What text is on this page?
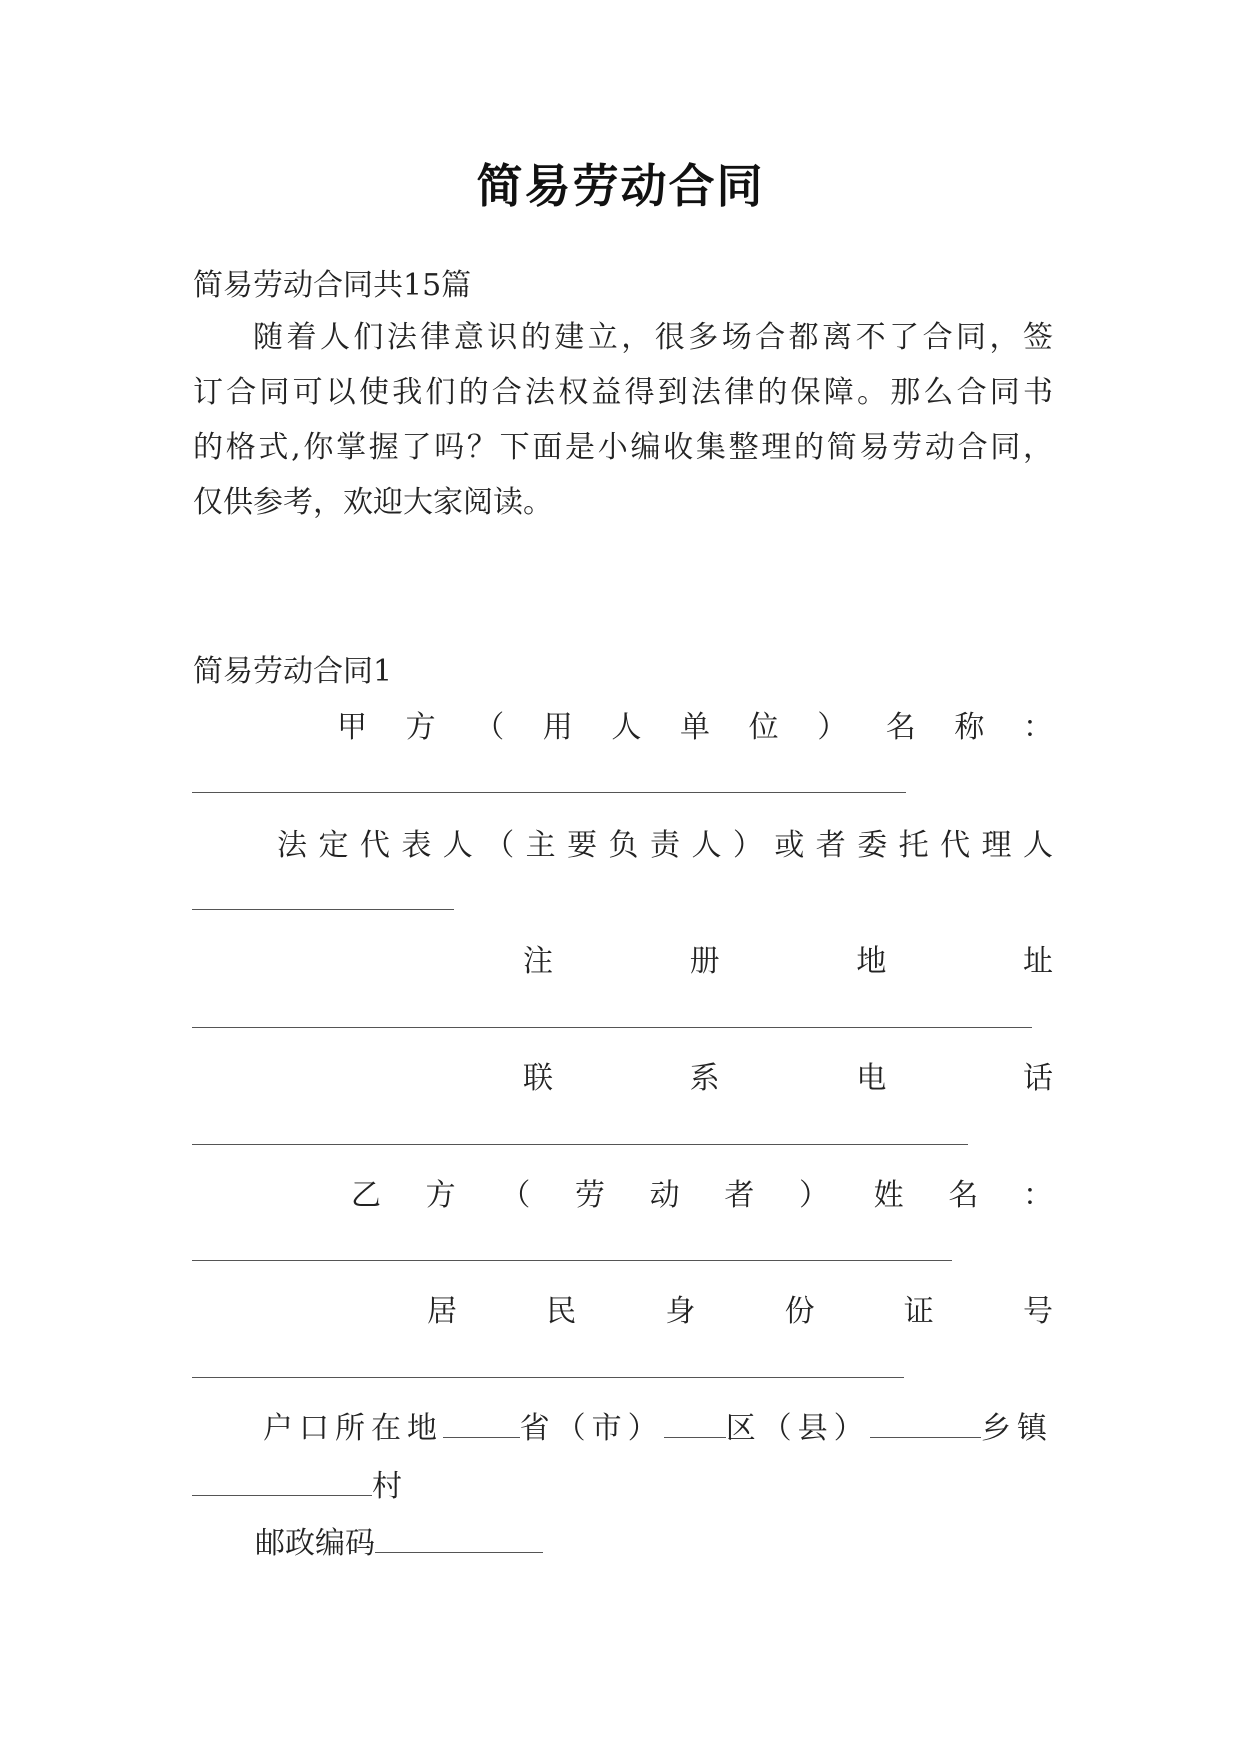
简易劳动合同
简易劳动合同共15篇
随着人们法律意识的建立，很多场合都离不了合同，签
订合同可以使我们的合法权益得到法律的保障。那么合同书
的格式,你掌握了吗？下面是小编收集整理的简易劳动合同，
仅供参考，欢迎大家阅读。
简易劳动合同1
甲方（用人单位）名称：
法定代表人（主要负责人）或者委托代理人
注册地址
联系电话
乙方（劳动者）姓名：
居民身份证号
户口所在地	省（市） 区（县）	乡镇
村
邮政编码
